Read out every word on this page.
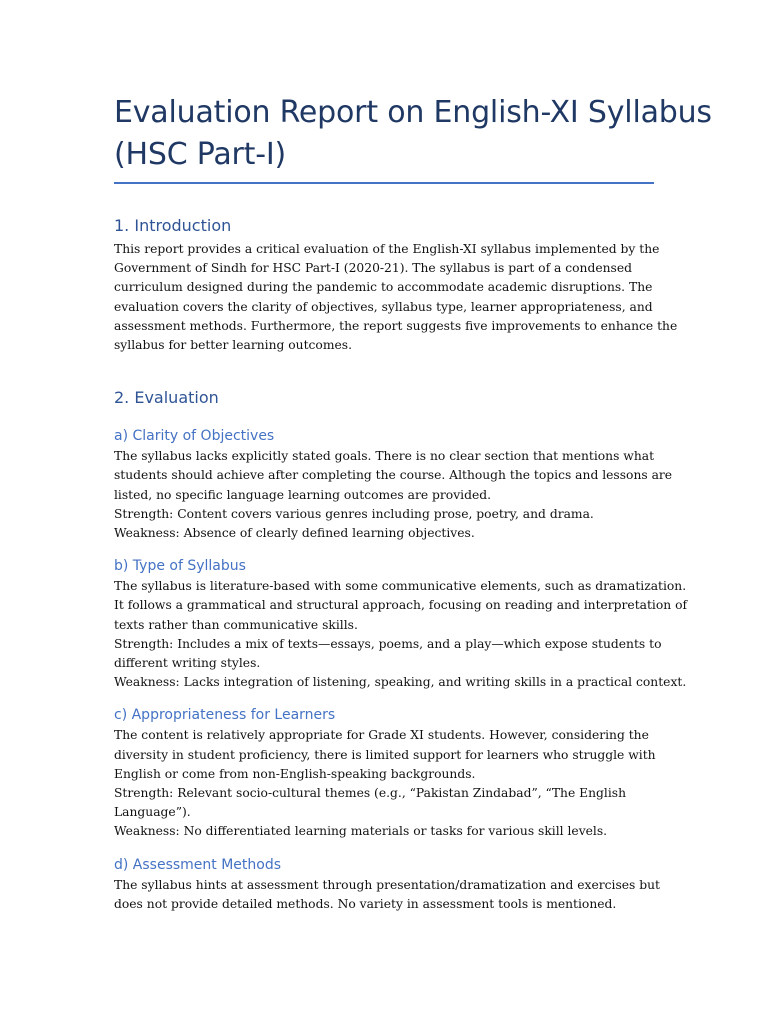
Evaluation Report on English-XI Syllabus
(HSC Part-I)
1. Introduction
This report provides a critical evaluation of the English-XI syllabus implemented by the
Government of Sindh for HSC Part-I (2020-21). The syllabus is part of a condensed
curriculum designed during the pandemic to accommodate academic disruptions. The
evaluation covers the clarity of objectives, syllabus type, learner appropriateness, and
assessment methods. Furthermore, the report suggests five improvements to enhance the
syllabus for better learning outcomes.
2. Evaluation
a) Clarity of Objectives
The syllabus lacks explicitly stated goals. There is no clear section that mentions what
students should achieve after completing the course. Although the topics and lessons are
listed, no specific language learning outcomes are provided.
Strength: Content covers various genres including prose, poetry, and drama.
Weakness: Absence of clearly defined learning objectives.
b) Type of Syllabus
The syllabus is literature-based with some communicative elements, such as dramatization.
It follows a grammatical and structural approach, focusing on reading and interpretation of
texts rather than communicative skills.
Strength: Includes a mix of texts—essays, poems, and a play—which expose students to
different writing styles.
Weakness: Lacks integration of listening, speaking, and writing skills in a practical context.
c) Appropriateness for Learners
The content is relatively appropriate for Grade XI students. However, considering the
diversity in student proficiency, there is limited support for learners who struggle with
English or come from non-English-speaking backgrounds.
Strength: Relevant socio-cultural themes (e.g., “Pakistan Zindabad”, “The English
Language”).
Weakness: No differentiated learning materials or tasks for various skill levels.
d) Assessment Methods
The syllabus hints at assessment through presentation/dramatization and exercises but
does not provide detailed methods. No variety in assessment tools is mentioned.
